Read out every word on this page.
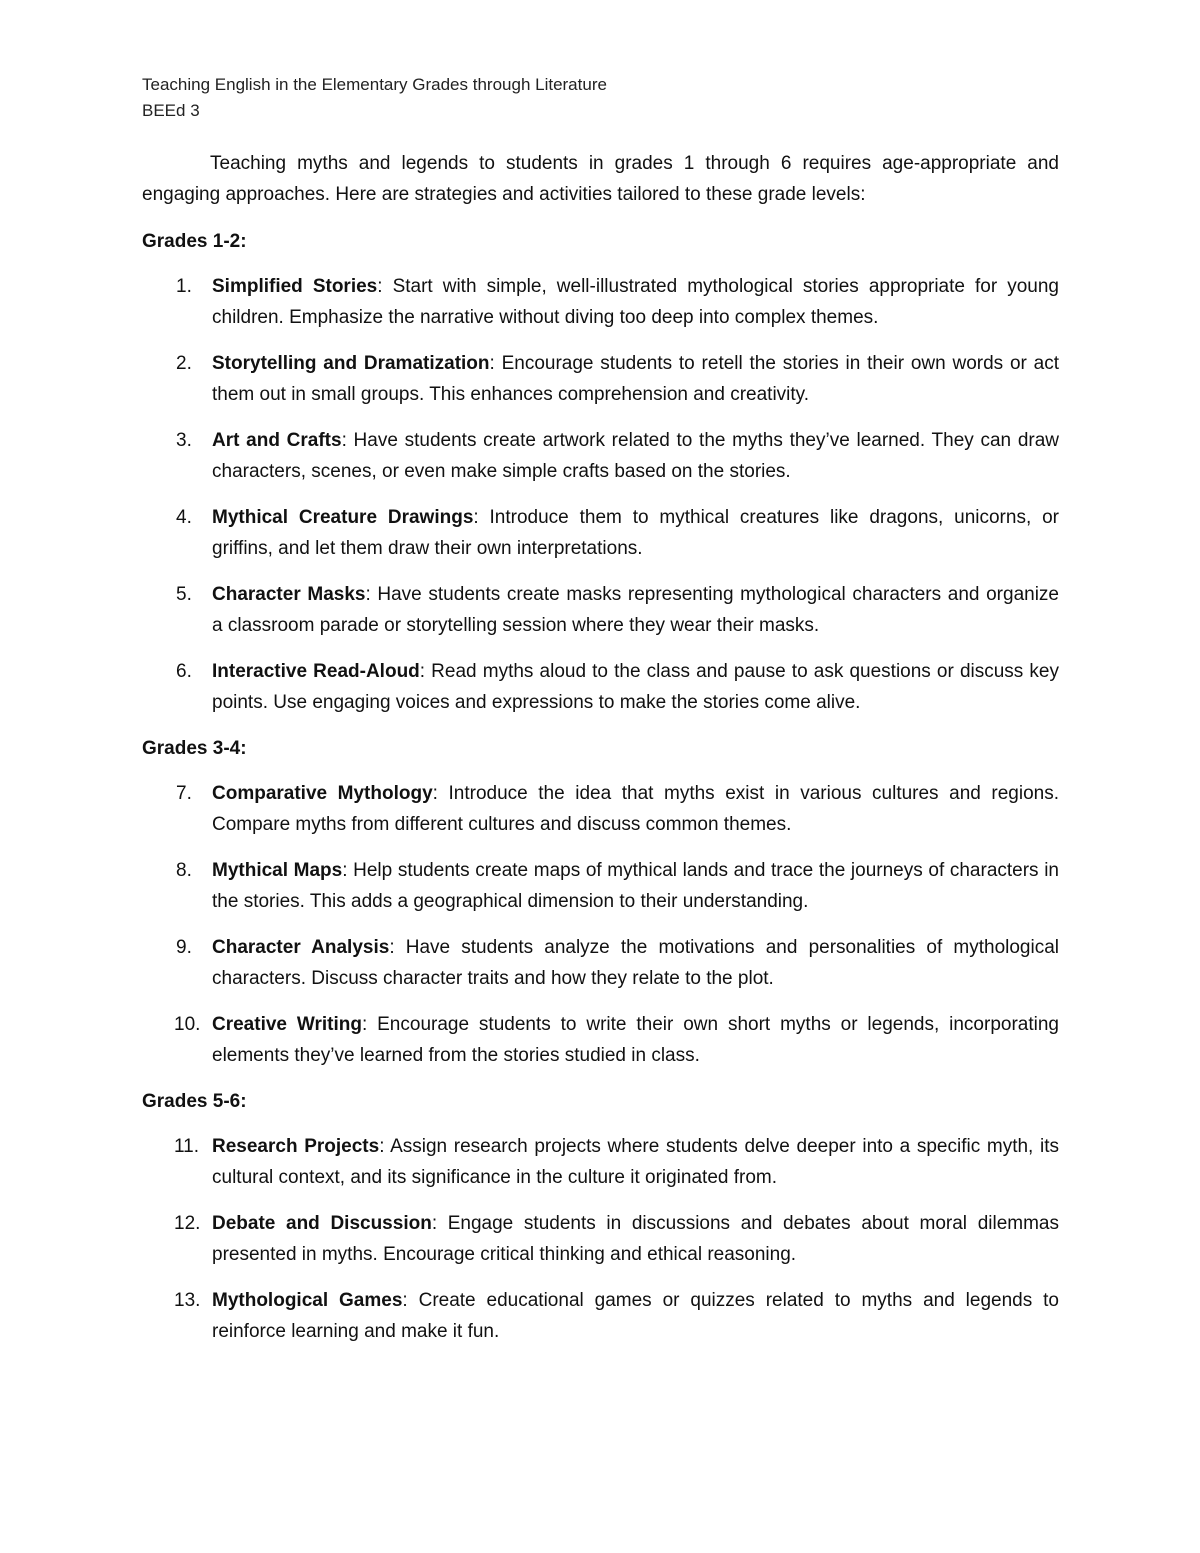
Teaching English in the Elementary Grades through Literature
BEEd 3

Teaching myths and legends to students in grades 1 through 6 requires age-appropriate and engaging approaches. Here are strategies and activities tailored to these grade levels:

Grades 1-2:
1. Simplified Stories: Start with simple, well-illustrated mythological stories appropriate for young children. Emphasize the narrative without diving too deep into complex themes.
2. Storytelling and Dramatization: Encourage students to retell the stories in their own words or act them out in small groups. This enhances comprehension and creativity.
3. Art and Crafts: Have students create artwork related to the myths they’ve learned. They can draw characters, scenes, or even make simple crafts based on the stories.
4. Mythical Creature Drawings: Introduce them to mythical creatures like dragons, unicorns, or griffins, and let them draw their own interpretations.
5. Character Masks: Have students create masks representing mythological characters and organize a classroom parade or storytelling session where they wear their masks.
6. Interactive Read-Aloud: Read myths aloud to the class and pause to ask questions or discuss key points. Use engaging voices and expressions to make the stories come alive.
Grades 3-4:
7. Comparative Mythology: Introduce the idea that myths exist in various cultures and regions. Compare myths from different cultures and discuss common themes.
8. Mythical Maps: Help students create maps of mythical lands and trace the journeys of characters in the stories. This adds a geographical dimension to their understanding.
9. Character Analysis: Have students analyze the motivations and personalities of mythological characters. Discuss character traits and how they relate to the plot.
10. Creative Writing: Encourage students to write their own short myths or legends, incorporating elements they’ve learned from the stories studied in class.
Grades 5-6:
11. Research Projects: Assign research projects where students delve deeper into a specific myth, its cultural context, and its significance in the culture it originated from.
12. Debate and Discussion: Engage students in discussions and debates about moral dilemmas presented in myths. Encourage critical thinking and ethical reasoning.
13. Mythological Games: Create educational games or quizzes related to myths and legends to reinforce learning and make it fun.
